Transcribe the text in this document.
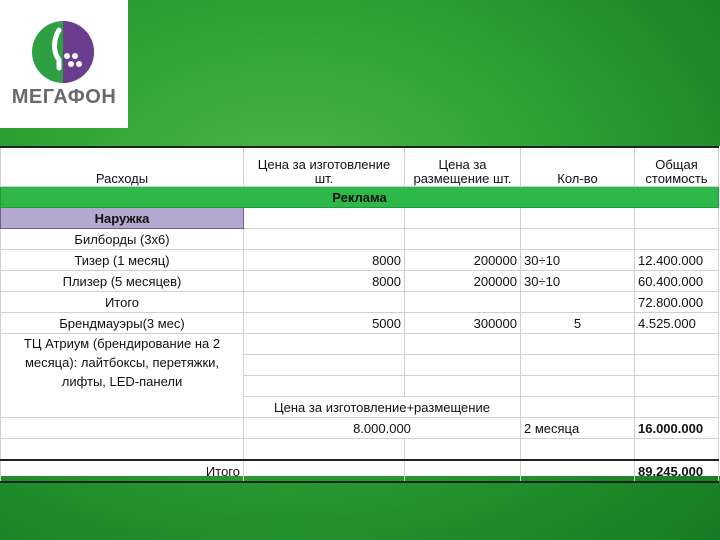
МЕГАФОН
Расходы	Цена за изготовление шт.	Цена за размещение шт.	Кол-во	Общая стоимость
Реклама				
Наружка				
Билборды (3х6)				
Тизер (1 месяц)	8000	200000	30÷10	12.400.000
Плизер (5 месяцев)	8000	200000	30÷10	60.400.000
Итого				72.800.000
Брендмауэры(3 мес)	5000	300000	5	4.525.000
ТЦ Атриум (брендирование на 2 месяца): лайтбоксы, перетяжки, лифты, LED-панели				

	Цена за изготовление+размещение			
	8.000.000		2 месяца	16.000.000

Итого				89.245.000
